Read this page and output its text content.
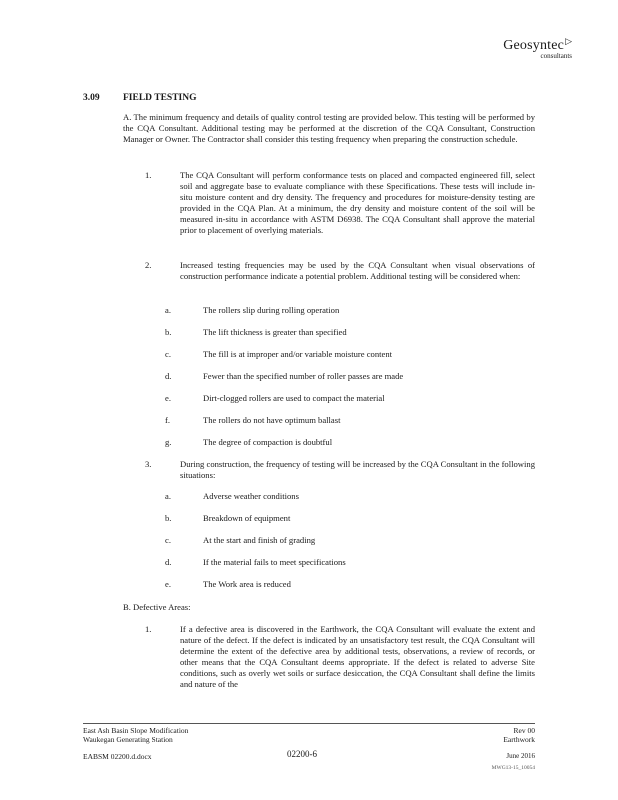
Geosyntec▷
consultants
3.09 FIELD TESTING
A. The minimum frequency and details of quality control testing are provided below. This testing will be performed by the CQA Consultant. Additional testing may be performed at the discretion of the CQA Consultant, Construction Manager or Owner. The Contractor shall consider this testing frequency when preparing the construction schedule.
1.	The CQA Consultant will perform conformance tests on placed and compacted engineered fill, select soil and aggregate base to evaluate compliance with these Specifications. These tests will include in-situ moisture content and dry density. The frequency and procedures for moisture-density testing are provided in the CQA Plan. At a minimum, the dry density and moisture content of the soil will be measured in-situ in accordance with ASTM D6938. The CQA Consultant shall approve the material prior to placement of overlying materials.
2.	Increased testing frequencies may be used by the CQA Consultant when visual observations of construction performance indicate a potential problem. Additional testing will be considered when:
a.	The rollers slip during rolling operation
b.	The lift thickness is greater than specified
c.	The fill is at improper and/or variable moisture content
d.	Fewer than the specified number of roller passes are made
e.	Dirt-clogged rollers are used to compact the material
f.	The rollers do not have optimum ballast
g.	The degree of compaction is doubtful
3.	During construction, the frequency of testing will be increased by the CQA Consultant in the following situations:
a.	Adverse weather conditions
b.	Breakdown of equipment
c.	At the start and finish of grading
d.	If the material fails to meet specifications
e.	The Work area is reduced
B. Defective Areas:
1.	If a defective area is discovered in the Earthwork, the CQA Consultant will evaluate the extent and nature of the defect. If the defect is indicated by an unsatisfactory test result, the CQA Consultant will determine the extent of the defective area by additional tests, observations, a review of records, or other means that the CQA Consultant deems appropriate. If the defect is related to adverse Site conditions, such as overly wet soils or surface desiccation, the CQA Consultant shall define the limits and nature of the
East Ash Basin Slope Modification
Waukegan Generating Station
Rev 00
Earthwork
EABSM 02200.d.docx	02200-6	June 2016
MWG13-15_10054
